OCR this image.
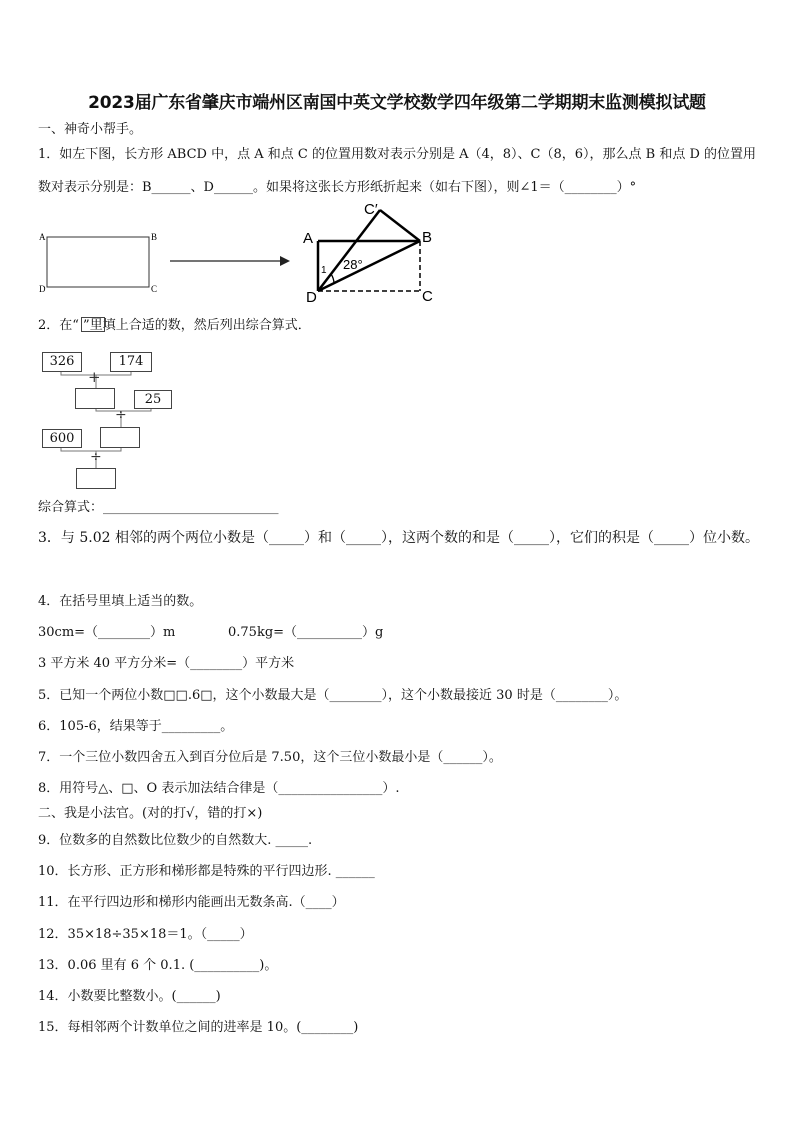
2023届广东省肇庆市端州区南国中英文学校数学四年级第二学期期末监测模拟试题
一、神奇小帮手。
1．如左下图，长方形 ABCD 中，点 A 和点 C 的位置用数对表示分别是 A（4，8）、C（8，6），那么点 B 和点 D 的位置用数对表示分别是：B______、D______。如果将这张长方形纸折起来（如右下图），则∠1＝（________）°
A	B
C
D
A	B
C
D
C′
28°
1
2．在“ ”里填上合适的数，然后列出综合算式．
326	174
+
25
÷
600
÷
综合算式：___________________________
3．与 5.02 相邻的两个两位小数是（_____）和（_____），这两个数的和是（_____），它们的积是（_____）位小数。
4．在括号里填上适当的数。
30cm=（________）m	0.75kg=（__________）g
3 平方米 40 平方分米=（________）平方米
5．已知一个两位小数□□.6□，这个小数最大是（________），这个小数最接近 30 时是（________）。
6．105-6，结果等于_________。
7．一个三位小数四舍五入到百分位后是 7.50，这个三位小数最小是（______）。
8．用符号△、□、O 表示加法结合律是（________________）.
二、我是小法官。(对的打√，错的打×)
9．位数多的自然数比位数少的自然数大. _____.
10．长方形、正方形和梯形都是特殊的平行四边形. ______
11．在平行四边形和梯形内能画出无数条高.（____）
12．35×18÷35×18＝1。（_____）
13．0.06 里有 6 个 0.1. (__________)。
14．小数要比整数小。(______)
15．每相邻两个计数单位之间的进率是 10。(________)
